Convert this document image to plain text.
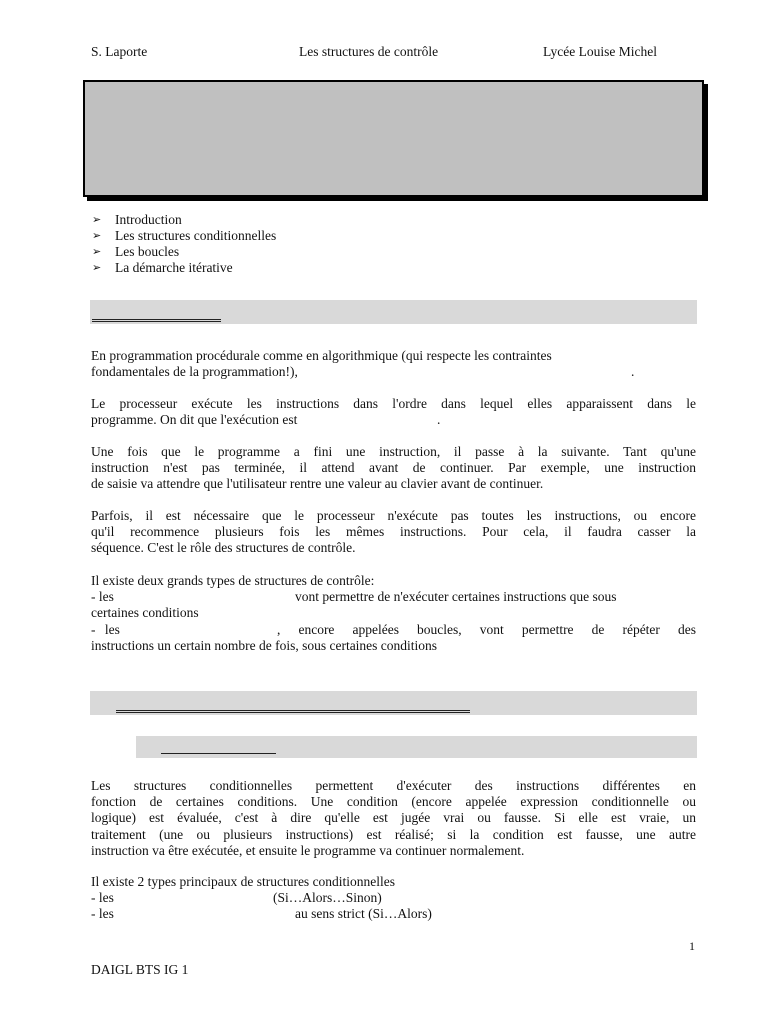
S. Laporte	Les structures de contrôle	Lycée Louise Michel
➢ Introduction
➢ Les structures conditionnelles
➢ Les boucles
➢ La démarche itérative
En programmation procédurale comme en algorithmique (qui respecte les contraintes
fondamentales de la programmation!),	.
Le processeur exécute les instructions dans l'ordre dans lequel elles apparaissent dans le
programme. On dit que l'exécution est	.
Une fois que le programme a fini une instruction, il passe à la suivante. Tant qu'une
instruction n'est pas terminée, il attend avant de continuer. Par exemple, une instruction
de saisie va attendre que l'utilisateur rentre une valeur au clavier avant de continuer.
Parfois, il est nécessaire que le processeur n'exécute pas toutes les instructions, ou encore
qu'il recommence plusieurs fois les mêmes instructions. Pour cela, il faudra casser la
séquence. C'est le rôle des structures de contrôle.
Il existe deux grands types de structures de contrôle:
- les	vont permettre de n'exécuter certaines instructions que sous
certaines conditions
- les	, encore appelées boucles, vont permettre de répéter des
instructions un certain nombre de fois, sous certaines conditions
Les structures conditionnelles permettent d'exécuter des instructions différentes en
fonction de certaines conditions. Une condition (encore appelée expression conditionnelle ou
logique) est évaluée, c'est à dire qu'elle est jugée vrai ou fausse. Si elle est vraie, un
traitement (une ou plusieurs instructions) est réalisé; si la condition est fausse, une autre
instruction va être exécutée, et ensuite le programme va continuer normalement.
Il existe 2 types principaux de structures conditionnelles
- les	(Si…Alors…Sinon)
- les	au sens strict (Si…Alors)
1
DAIGL BTS IG 1
